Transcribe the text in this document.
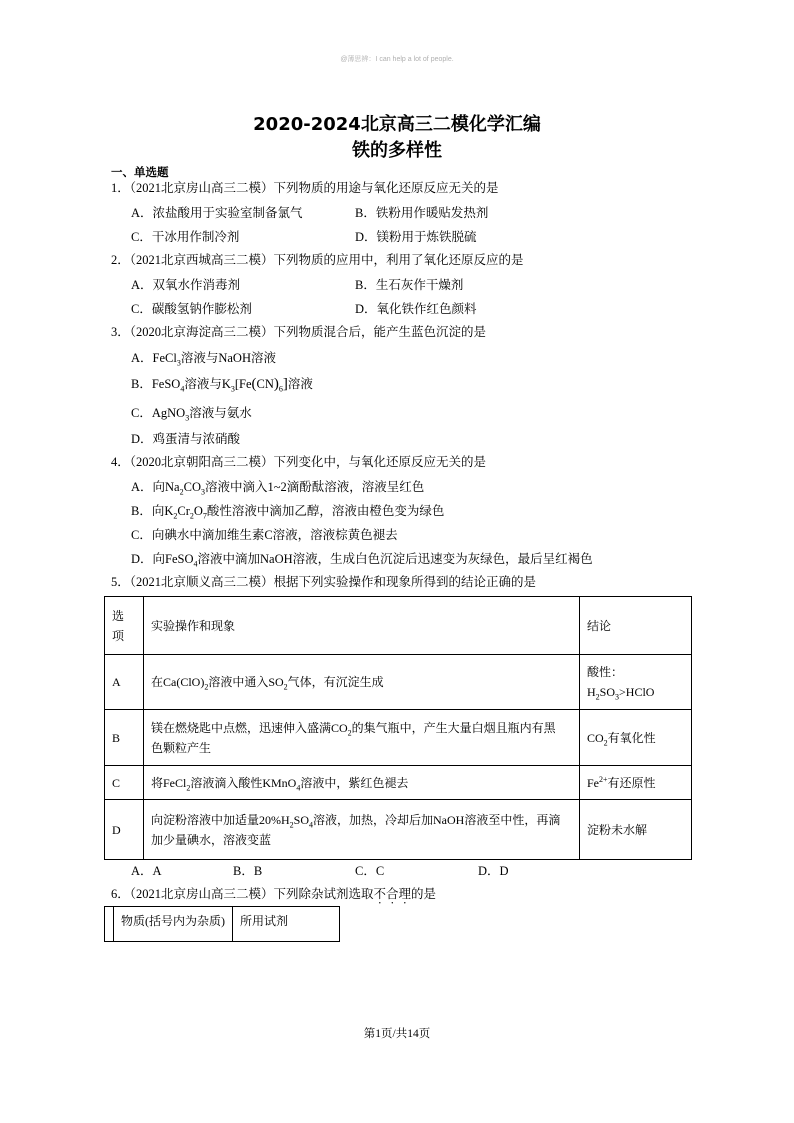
@薄思辨：I can help a lot of people.
2020-2024北京高三二模化学汇编
铁的多样性
一、单选题
1．（2021北京房山高三二模）下列物质的用途与氧化还原反应无关的是
A．浓盐酸用于实验室制备氯气	B．铁粉用作暖贴发热剂
C．干冰用作制冷剂	D．镁粉用于炼铁脱硫
2．（2021北京西城高三二模）下列物质的应用中，利用了氧化还原反应的是
A．双氧水作消毒剂	B．生石灰作干燥剂
C．碳酸氢钠作膨松剂	D．氧化铁作红色颜料
3．（2020北京海淀高三二模）下列物质混合后，能产生蓝色沉淀的是
A．FeCl$_3$溶液与NaOH溶液
B．FeSO$_4$溶液与$K_3[Fe(CN)_6]$溶液
C．AgNO$_3$溶液与氨水
D．鸡蛋清与浓硝酸
4．（2020北京朝阳高三二模）下列变化中，与氧化还原反应无关的是
A．向$Na_2CO_3$溶液中滴入1~2滴酚酞溶液，溶液呈红色
B．向$K_2Cr_2O_7$酸性溶液中滴加乙醇，溶液由橙色变为绿色
C．向碘水中滴加维生素C溶液，溶液棕黄色褪去
D．向FeSO$_4$溶液中滴加NaOH溶液，生成白色沉淀后迅速变为灰绿色，最后呈红褐色
5．（2021北京顺义高三二模）根据下列实验操作和现象所得到的结论正确的是
选
项	实验操作和现象	结论
A	在$Ca(ClO)_2$溶液中通入$SO_2$气体，有沉淀生成	酸性：
$H_2SO_3>HClO$
B	镁在燃烧匙中点燃，迅速伸入盛满$CO_2$的集气瓶中，产生大量白烟且瓶内有黑
色颗粒产生	$CO_2$有氧化性
C	将FeCl$_2$溶液滴入酸性KMnO$_4$溶液中，紫红色褪去	$Fe^{2+}$有还原性
D	向淀粉溶液中加适量$20\%H_2SO_4$溶液，加热，冷却后加NaOH溶液至中性，再滴
加少量碘水，溶液变蓝	淀粉未水解
A．A	B．B	C．C	D．D
6．（2021北京房山高三二模）下列除杂试剂选取不合理的是
	物质(括号内为杂质)	所用试剂
第1页/共14页
